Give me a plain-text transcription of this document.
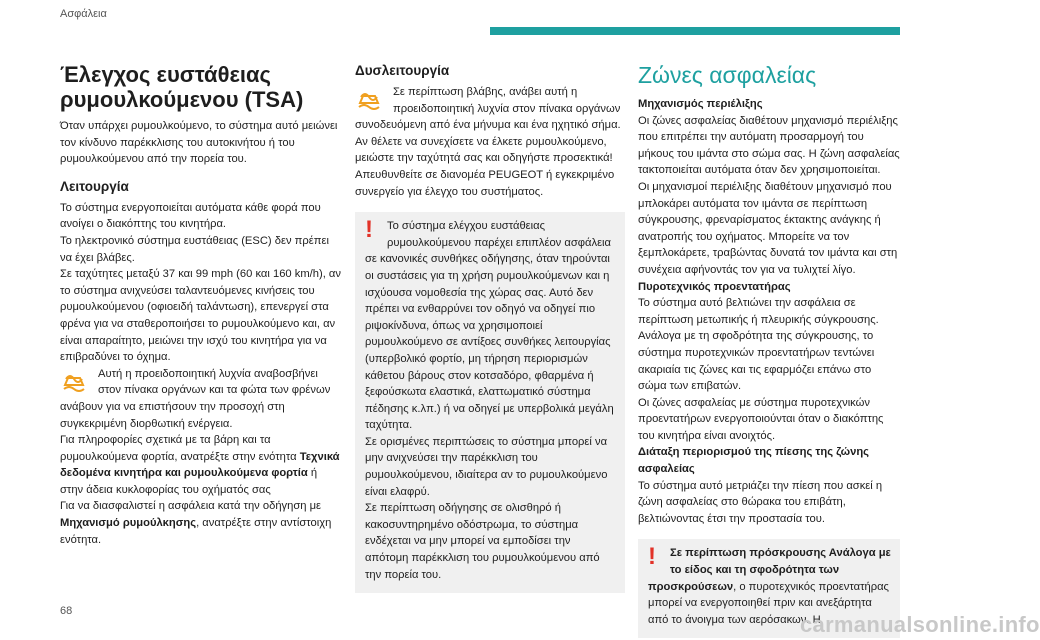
Ασφάλεια

Έλεγχος ευστάθειας ρυμουλκούμενου (TSA)

Όταν υπάρχει ρυμουλκούμενο, το σύστημα αυτό μειώνει τον κίνδυνο παρέκκλισης του αυτοκινήτου ή του ρυμουλκούμενου από την πορεία του.

Λειτουργία

Το σύστημα ενεργοποιείται αυτόματα κάθε φορά που ανοίγει ο διακόπτης του κινητήρα.

Το ηλεκτρονικό σύστημα ευστάθειας (ESC) δεν πρέπει να έχει βλάβες.

Σε ταχύτητες μεταξύ 37 και 99 mph (60 και 160 km/h), αν το σύστημα ανιχνεύσει ταλαντευόμενες κινήσεις του ρυμουλκούμενου (οφιοειδή ταλάντωση), επενεργεί στα φρένα για να σταθεροποιήσει το ρυμουλκούμενο και, αν είναι απαραίτητο, μειώνει την ισχύ του κινητήρα για να επιβραδύνει το όχημα.

Αυτή η προειδοποιητική λυχνία αναβοσβήνει στον πίνακα οργάνων και τα φώτα των φρένων ανάβουν για να επιστήσουν την προσοχή στη συγκεκριμένη διορθωτική ενέργεια.

Για πληροφορίες σχετικά με τα βάρη και τα ρυμουλκούμενα φορτία, ανατρέξτε στην ενότητα Τεχνικά δεδομένα κινητήρα και ρυμουλκούμενα φορτία ή στην άδεια κυκλοφορίας του οχήματός σας

Για να διασφαλιστεί η ασφάλεια κατά την οδήγηση με Μηχανισμό ρυμούλκησης, ανατρέξτε στην αντίστοιχη ενότητα.

Δυσλειτουργία

Σε περίπτωση βλάβης, ανάβει αυτή η προειδοποιητική λυχνία στον πίνακα οργάνων συνοδευόμενη από ένα μήνυμα και ένα ηχητικό σήμα.

Αν θέλετε να συνεχίσετε να έλκετε ρυμουλκούμενο, μειώστε την ταχύτητά σας και οδηγήστε προσεκτικά!

Απευθυνθείτε σε διανομέα PEUGEOT ή εγκεκριμένο συνεργείο για έλεγχο του συστήματος.

!	Το σύστημα ελέγχου ευστάθειας ρυμουλκούμενου παρέχει επιπλέον ασφάλεια σε κανονικές συνθήκες οδήγησης, όταν τηρούνται οι συστάσεις για τη χρήση ρυμουλκούμενων και η ισχύουσα νομοθεσία της χώρας σας. Αυτό δεν πρέπει να ενθαρρύνει τον οδηγό να οδηγεί πιο ριψοκίνδυνα, όπως να χρησιμοποιεί ρυμουλκούμενο σε αντίξοες συνθήκες λειτουργίας (υπερβολικό φορτίο, μη τήρηση περιορισμών κάθετου βάρους στον κοτσαδόρο, φθαρμένα ή ξεφούσκωτα ελαστικά, ελαττωματικό σύστημα πέδησης κ.λπ.) ή να οδηγεί με υπερβολικά μεγάλη ταχύτητα.

Σε ορισμένες περιπτώσεις το σύστημα μπορεί να μην ανιχνεύσει την παρέκκλιση του ρυμουλκούμενου, ιδιαίτερα αν το ρυμουλκούμενο είναι ελαφρύ.

Σε περίπτωση οδήγησης σε ολισθηρό ή κακοσυντηρημένο οδόστρωμα, το σύστημα ενδέχεται να μην μπορεί να εμποδίσει την απότομη παρέκκλιση του ρυμουλκούμενου από την πορεία του.

Ζώνες ασφαλείας

Μηχανισμός περιέλιξης

Οι ζώνες ασφαλείας διαθέτουν μηχανισμό περιέλιξης που επιτρέπει την αυτόματη προσαρμογή του μήκους του ιμάντα στο σώμα σας. Η ζώνη ασφαλείας τακτοποιείται αυτόματα όταν δεν χρησιμοποιείται.

Οι μηχανισμοί περιέλιξης διαθέτουν μηχανισμό που μπλοκάρει αυτόματα τον ιμάντα σε περίπτωση σύγκρουσης, φρεναρίσματος έκτακτης ανάγκης ή ανατροπής του οχήματος. Μπορείτε να τον ξεμπλοκάρετε, τραβώντας δυνατά τον ιμάντα και στη συνέχεια αφήνοντάς τον για να τυλιχτεί λίγο.

Πυροτεχνικός προεντατήρας

Το σύστημα αυτό βελτιώνει την ασφάλεια σε περίπτωση μετωπικής ή πλευρικής σύγκρουσης.

Ανάλογα με τη σφοδρότητα της σύγκρουσης, το σύστημα πυροτεχνικών προεντατήρων τεντώνει ακαριαία τις ζώνες και τις εφαρμόζει επάνω στο σώμα των επιβατών.

Οι ζώνες ασφαλείας με σύστημα πυροτεχνικών προεντατήρων ενεργοποιούνται όταν ο διακόπτης του κινητήρα είναι ανοιχτός.

Διάταξη περιορισμού της πίεσης της ζώνης ασφαλείας

Το σύστημα αυτό μετριάζει την πίεση που ασκεί η ζώνη ασφαλείας στο θώρακα του επιβάτη, βελτιώνοντας έτσι την προστασία του.

!	Σε περίπτωση πρόσκρουσης Ανάλογα με το είδος και τη σφοδρότητα των προσκρούσεων, ο πυροτεχνικός προεντατήρας μπορεί να ενεργοποιηθεί πριν και ανεξάρτητα από το άνοιγμα των αερόσακων. Η

68
carmanualsonline.info
